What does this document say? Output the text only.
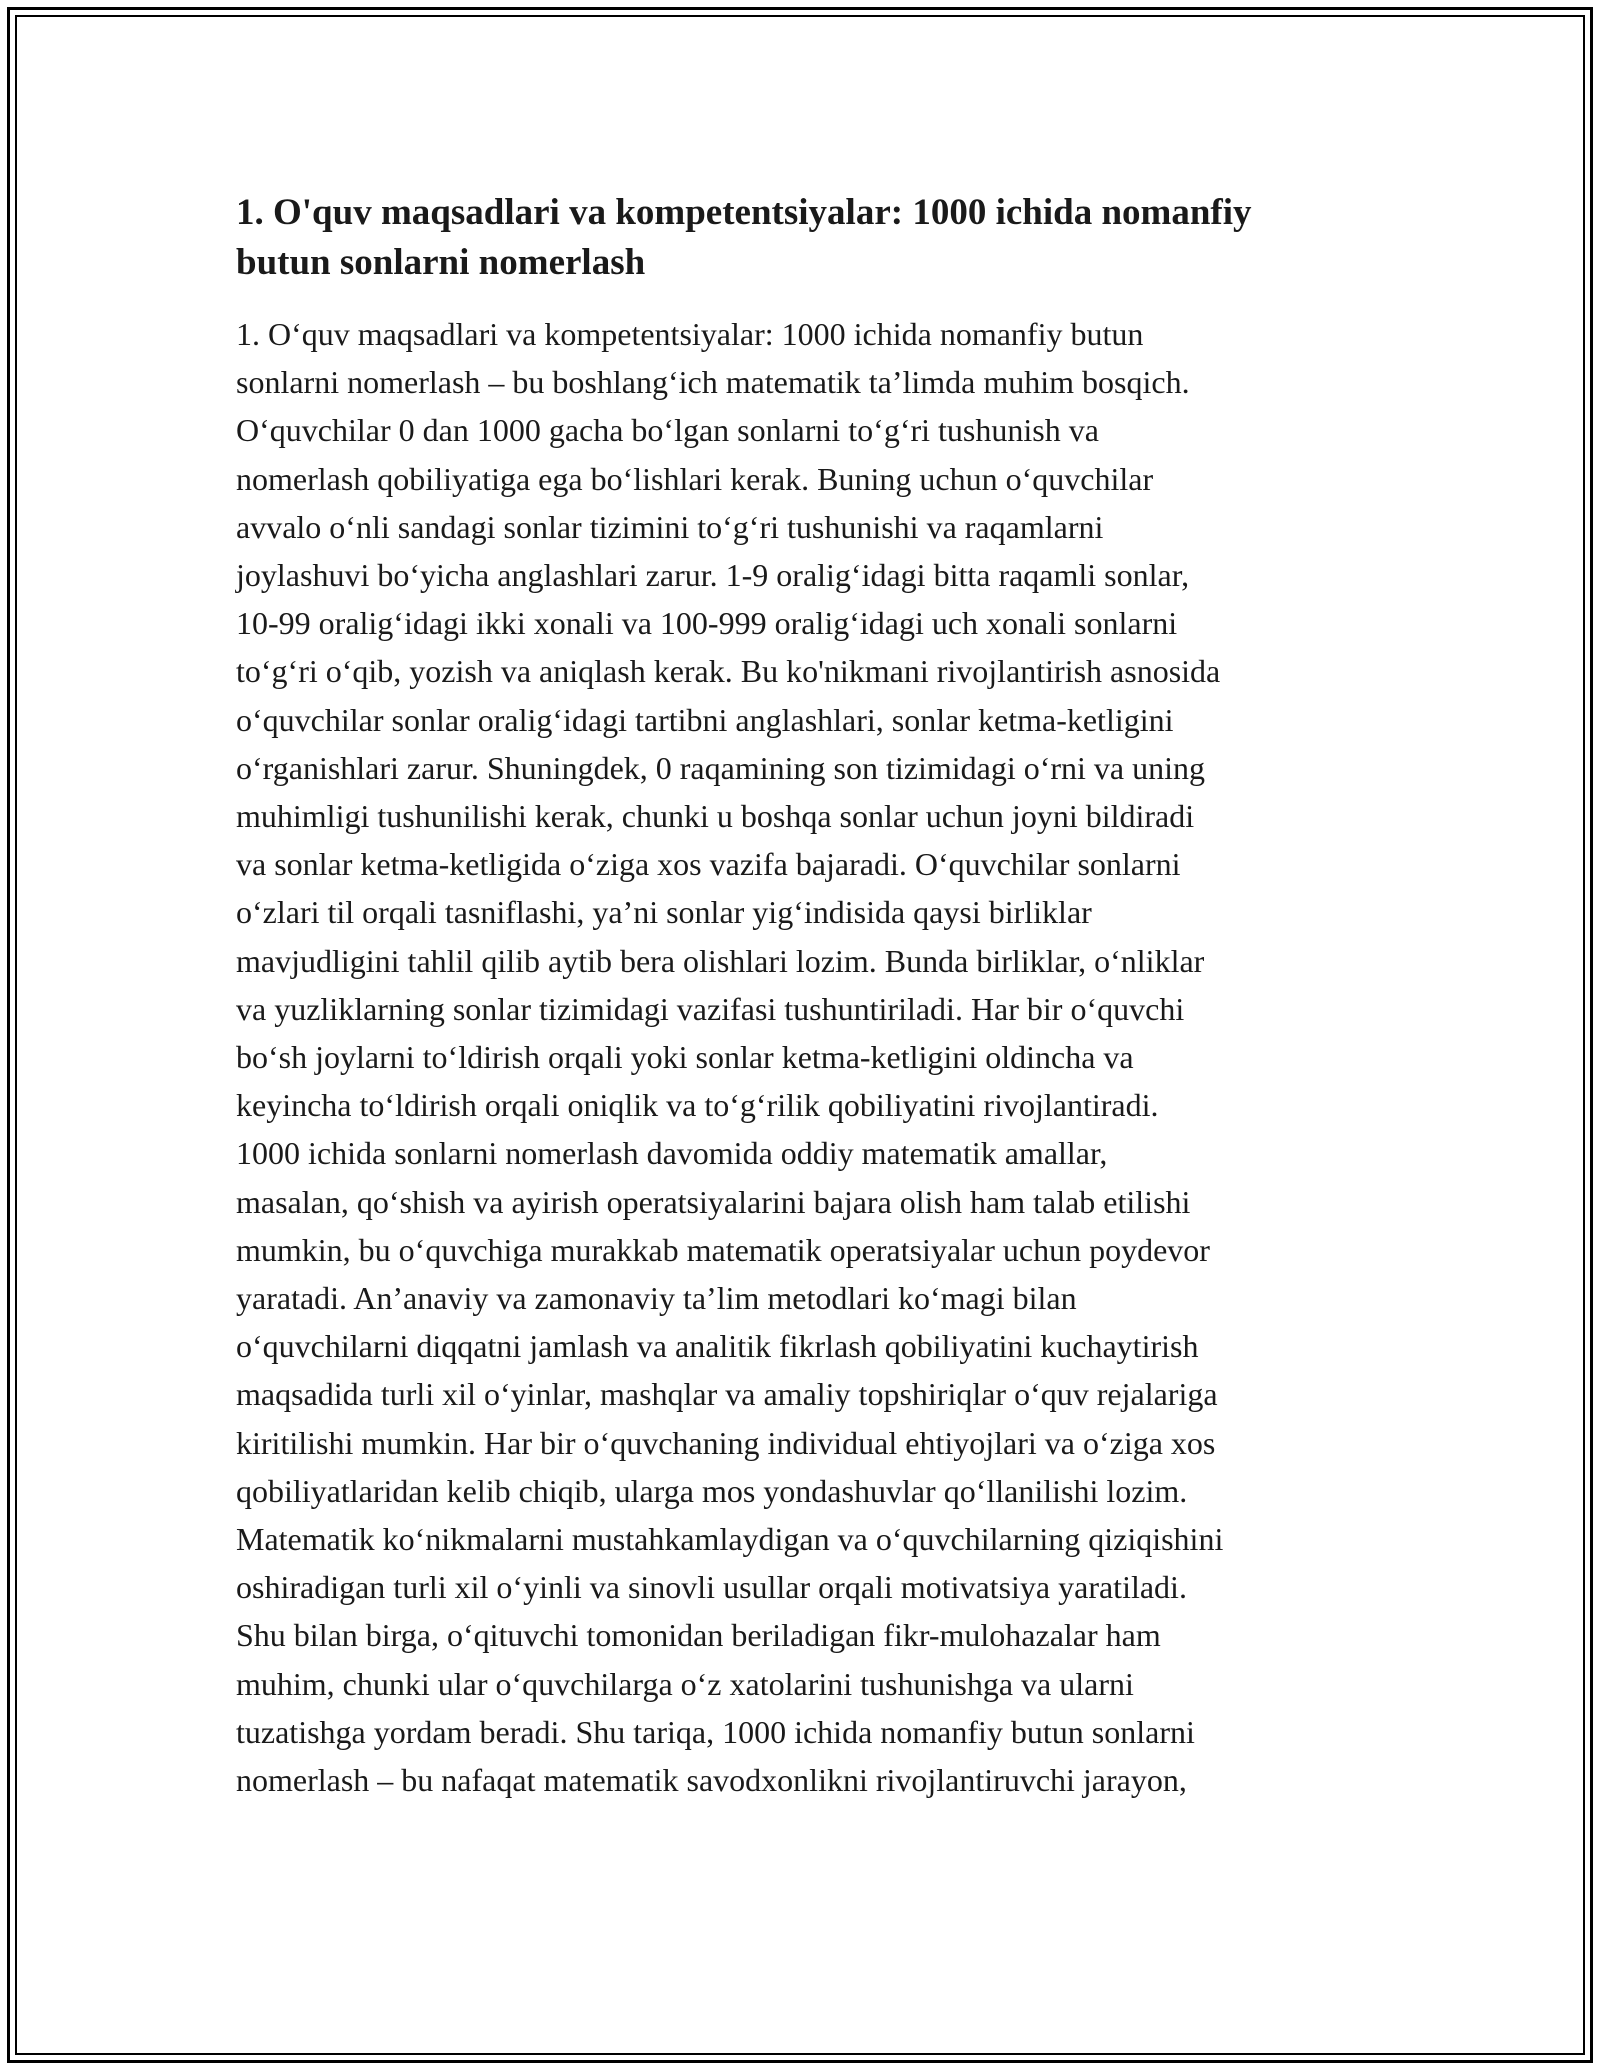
1. O'quv maqsadlari va kompetentsiyalar: 1000 ichida nomanfiy butun sonlarni nomerlash
1. O‘quv maqsadlari va kompetentsiyalar: 1000 ichida nomanfiy butun
sonlarni nomerlash – bu boshlang‘ich matematik ta’limda muhim bosqich.
O‘quvchilar 0 dan 1000 gacha bo‘lgan sonlarni to‘g‘ri tushunish va
nomerlash qobiliyatiga ega bo‘lishlari kerak. Buning uchun o‘quvchilar
avvalo o‘nli sandagi sonlar tizimini to‘g‘ri tushunishi va raqamlarni
joylashuvi bo‘yicha anglashlari zarur. 1-9 oralig‘idagi bitta raqamli sonlar,
10-99 oralig‘idagi ikki xonali va 100-999 oralig‘idagi uch xonali sonlarni
to‘g‘ri o‘qib, yozish va aniqlash kerak. Bu ko'nikmani rivojlantirish asnosida
o‘quvchilar sonlar oralig‘idagi tartibni anglashlari, sonlar ketma-ketligini
o‘rganishlari zarur. Shuningdek, 0 raqamining son tizimidagi o‘rni va uning
muhimligi tushunilishi kerak, chunki u boshqa sonlar uchun joyni bildiradi
va sonlar ketma-ketligida o‘ziga xos vazifa bajaradi. O‘quvchilar sonlarni
o‘zlari til orqali tasniflashi, ya’ni sonlar yig‘indisida qaysi birliklar
mavjudligini tahlil qilib aytib bera olishlari lozim. Bunda birliklar, o‘nliklar
va yuzliklarning sonlar tizimidagi vazifasi tushuntiriladi. Har bir o‘quvchi
bo‘sh joylarni to‘ldirish orqali yoki sonlar ketma-ketligini oldincha va
keyincha to‘ldirish orqali oniqlik va to‘g‘rilik qobiliyatini rivojlantiradi.
1000 ichida sonlarni nomerlash davomida oddiy matematik amallar,
masalan, qo‘shish va ayirish operatsiyalarini bajara olish ham talab etilishi
mumkin, bu o‘quvchiga murakkab matematik operatsiyalar uchun poydevor
yaratadi. An’anaviy va zamonaviy ta’lim metodlari ko‘magi bilan
o‘quvchilarni diqqatni jamlash va analitik fikrlash qobiliyatini kuchaytirish
maqsadida turli xil o‘yinlar, mashqlar va amaliy topshiriqlar o‘quv rejalariga
kiritilishi mumkin. Har bir o‘quvchaning individual ehtiyojlari va o‘ziga xos
qobiliyatlaridan kelib chiqib, ularga mos yondashuvlar qo‘llanilishi lozim.
Matematik ko‘nikmalarni mustahkamlaydigan va o‘quvchilarning qiziqishini
oshiradigan turli xil o‘yinli va sinovli usullar orqali motivatsiya yaratiladi.
Shu bilan birga, o‘qituvchi tomonidan beriladigan fikr-mulohazalar ham
muhim, chunki ular o‘quvchilarga o‘z xatolarini tushunishga va ularni
tuzatishga yordam beradi. Shu tariqa, 1000 ichida nomanfiy butun sonlarni
nomerlash – bu nafaqat matematik savodxonlikni rivojlantiruvchi jarayon,
